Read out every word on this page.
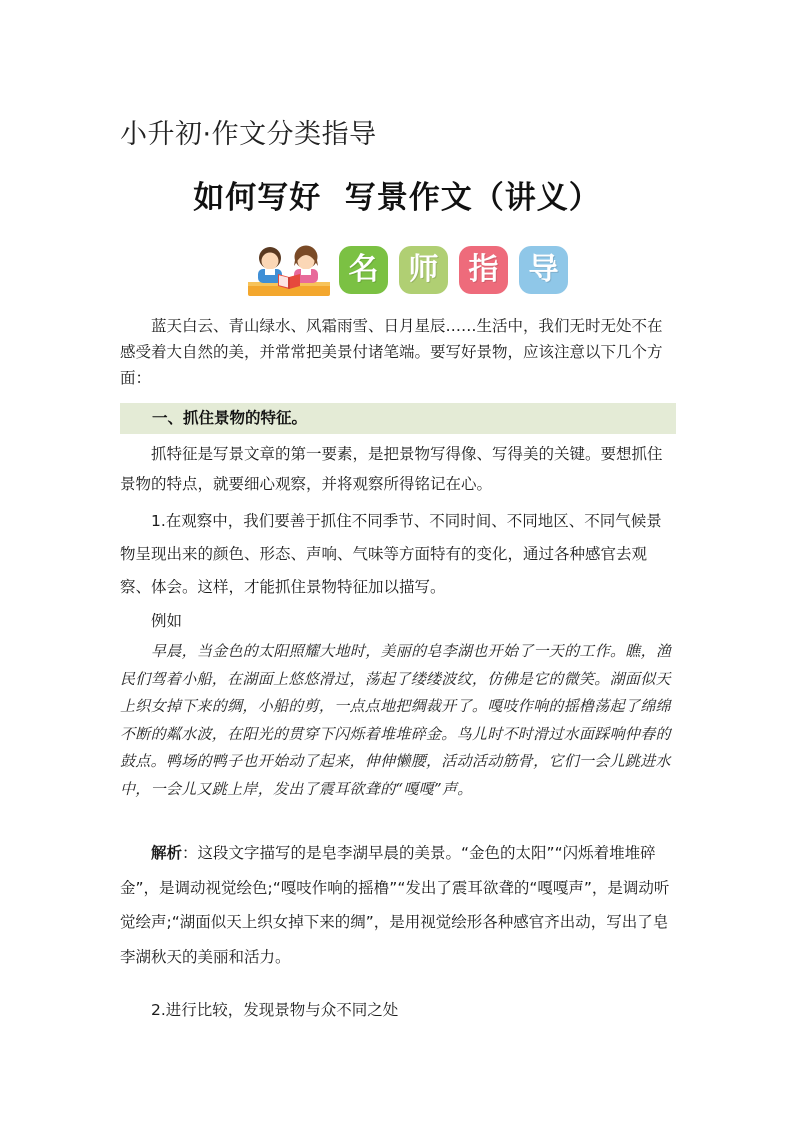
小升初·作文分类指导
如何写好  写景作文（讲义）
名	师	指	导
蓝天白云、青山绿水、风霜雨雪、日月星辰……生活中，我们无时无处不在感受着大自然的美，并常常把美景付诸笔端。要写好景物，应该注意以下几个方面：
一、抓住景物的特征。
抓特征是写景文章的第一要素，是把景物写得像、写得美的关键。要想抓住景物的特点，就要细心观察，并将观察所得铭记在心。
1.在观察中，我们要善于抓住不同季节、不同时间、不同地区、不同气候景物呈现出来的颜色、形态、声响、气味等方面特有的变化，通过各种感官去观察、体会。这样，才能抓住景物特征加以描写。
例如
早晨，当金色的太阳照耀大地时，美丽的皂李湖也开始了一天的工作。瞧，渔民们驾着小船，在湖面上悠悠滑过，荡起了缕缕波纹，仿佛是它的微笑。湖面似天上织女掉下来的绸，小船的剪，一点点地把绸裁开了。嘎吱作响的摇橹荡起了绵绵不断的粼水波，在阳光的贯穿下闪烁着堆堆碎金。鸟儿时不时滑过水面踩响仲春的鼓点。鸭场的鸭子也开始动了起来，伸伸懒腰，活动活动筋骨，它们一会儿跳进水中，一会儿又跳上岸，发出了震耳欲聋的“嘎嘎”声。
解析：这段文字描写的是皂李湖早晨的美景。“金色的太阳”“闪烁着堆堆碎金”，是调动视觉绘色;“嘎吱作响的摇橹”“发出了震耳欲聋的“嘎嘎声”，是调动听觉绘声;“湖面似天上织女掉下来的绸”，是用视觉绘形各种感官齐出动，写出了皂李湖秋天的美丽和活力。
2.进行比较，发现景物与众不同之处
